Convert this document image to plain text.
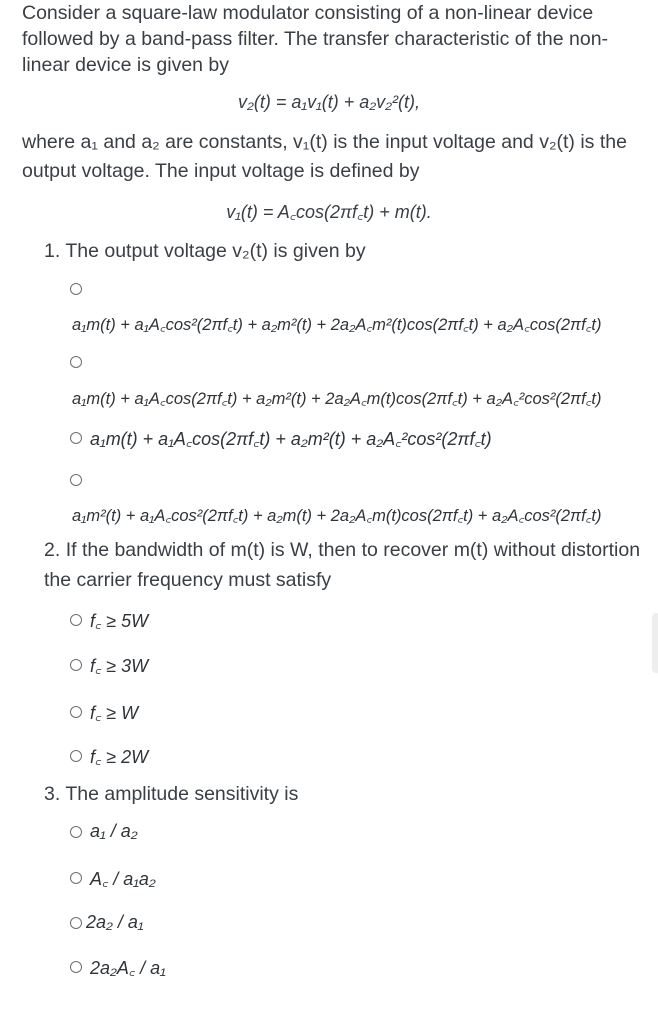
Consider a square-law modulator consisting of a non-linear device followed by a band-pass filter. The transfer characteristic of the non-linear device is given by
v₂(t) = a₁v₁(t) + a₂v₂²(t),
where a₁ and a₂ are constants, v₁(t) is the input voltage and v₂(t) is the output voltage. The input voltage is defined by
v₁(t) = A꜀cos(2πf꜀t) + m(t).
1. The output voltage v₂(t) is given by
a₁m(t) + a₁A꜀cos²(2πf꜀t) + a₂m²(t) + 2a₂A꜀m²(t)cos(2πf꜀t) + a₂A꜀cos(2πf꜀t)
a₁m(t) + a₁A꜀cos(2πf꜀t) + a₂m²(t) + 2a₂A꜀m(t)cos(2πf꜀t) + a₂A꜀²cos²(2πf꜀t)
a₁m(t) + a₁A꜀cos(2πf꜀t) + a₂m²(t) + a₂A꜀²cos²(2πf꜀t)
a₁m²(t) + a₁A꜀cos²(2πf꜀t) + a₂m(t) + 2a₂A꜀m(t)cos(2πf꜀t) + a₂A꜀cos²(2πf꜀t)
2. If the bandwidth of m(t) is W, then to recover m(t) without distortion the carrier frequency must satisfy
f꜀ ≥ 5W
f꜀ ≥ 3W
f꜀ ≥ W
f꜀ ≥ 2W
3. The amplitude sensitivity is
a₁ / a₂
A꜀ / a₁a₂
2a₂ / a₁
2a₂A꜀ / a₁
